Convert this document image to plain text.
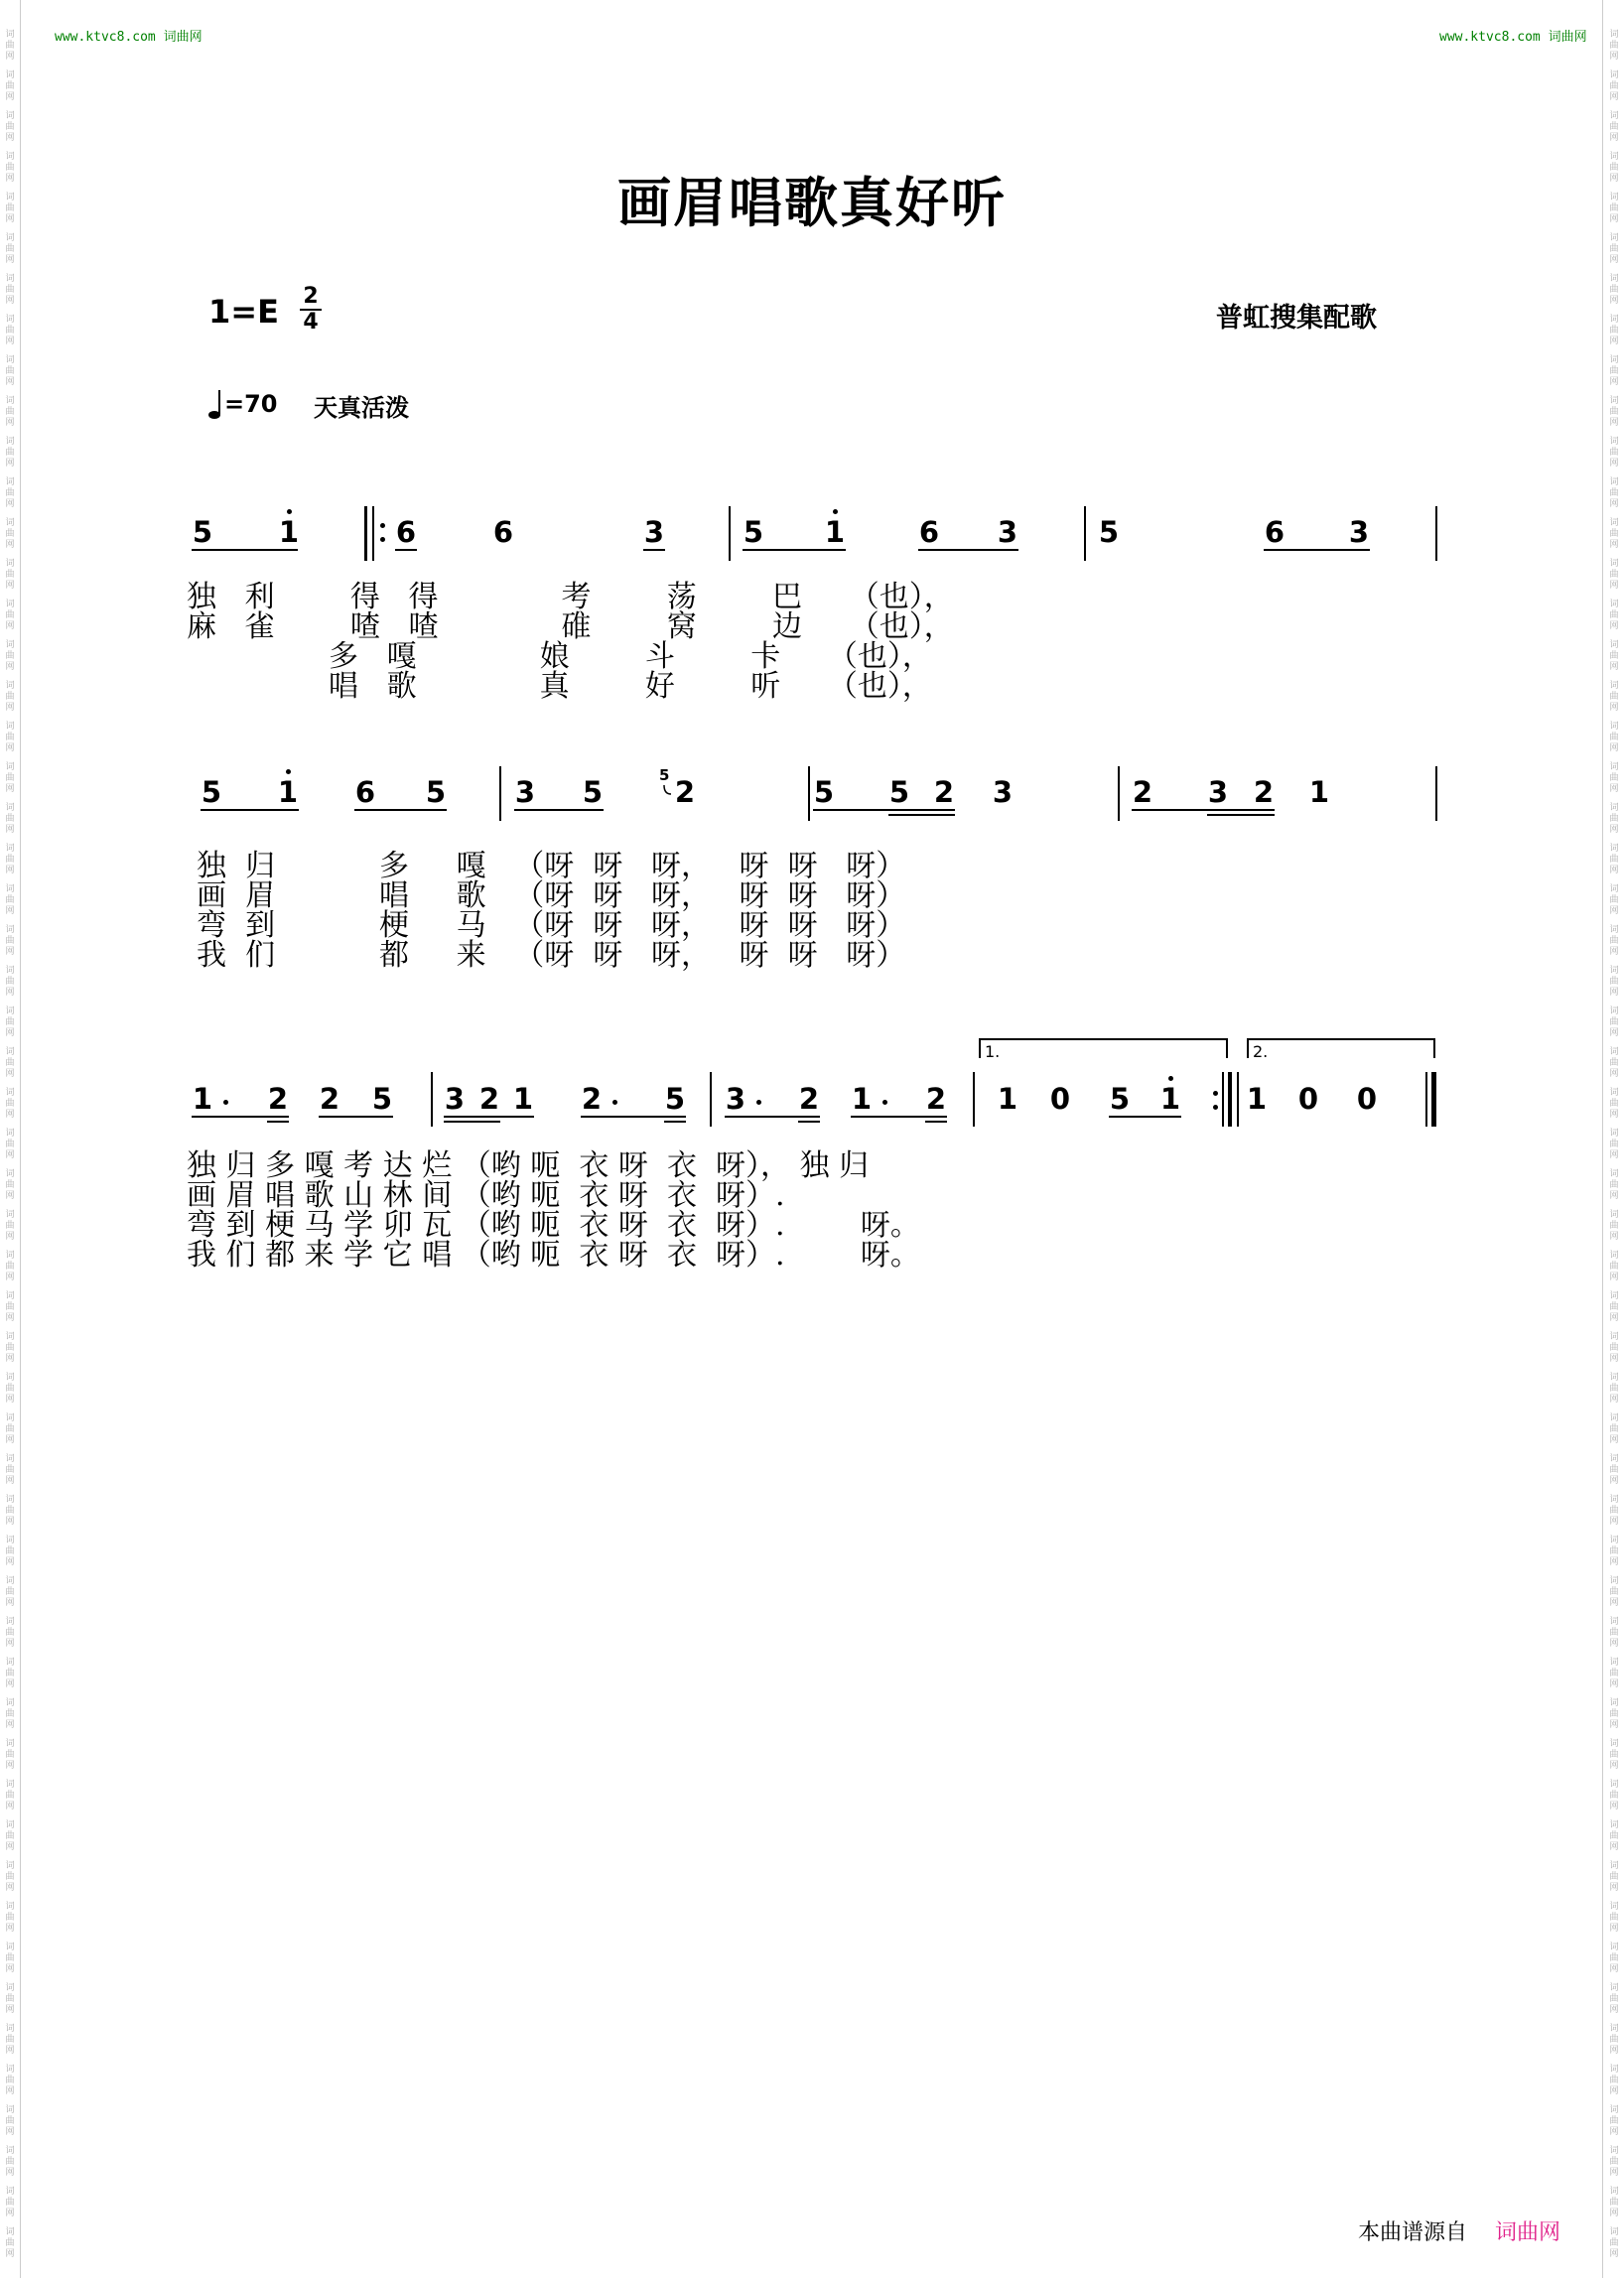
词
曲
网
词
曲
网
词
曲
网
词
曲
网
词
曲
网
词
曲
网
词
曲
网
词
曲
网
词
曲
网
词
曲
网
词
曲
网
词
曲
网
词
曲
网
词
曲
网
词
曲
网
词
曲
网
词
曲
网
词
曲
网
词
曲
网
词
曲
网
词
曲
网
词
曲
网
词
曲
网
词
曲
网
词
曲
网
词
曲
网
词
曲
网
词
曲
网
词
曲
网
词
曲
网
词
曲
网
词
曲
网
词
曲
网
词
曲
网
词
曲
网
词
曲
网
词
曲
网
词
曲
网
词
曲
网
词
曲
网
词
曲
网
词
曲
网
词
曲
网
词
曲
网
词
曲
网
词
曲
网
词
曲
网
词
曲
网
词
曲
网
词
曲
网
词
曲
网
词
曲
网
词
曲
网
词
曲
网
词
曲
网
词
曲
网
词
曲
网
词
曲
网
词
曲
网
词
曲
网
词
曲
网
词
曲
网
词
曲
网
词
曲
网
词
曲
网
词
曲
网
词
曲
网
词
曲
网
词
曲
网
词
曲
网
词
曲
网
词
曲
网
词
曲
网
词
曲
网
词
曲
网
词
曲
网
词
曲
网
词
曲
网
词
曲
网
词
曲
网
词
曲
网
词
曲
网
词
曲
网
词
曲
网
词
曲
网
词
曲
网
词
曲
网
词
曲
网
词
曲
网
词
曲
网
词
曲
网
词
曲
网
词
曲
网
词
曲
网
词
曲
网
词
曲
网
词
曲
网
词
曲
网
词
曲
网
词
曲
网
词
曲
网
词
曲
网
词
曲
网
词
曲
网
词
曲
网
词
曲
网
词
曲
网
词
曲
网
词
曲
网
词
曲
网
www.ktvc8.com 词曲网	www.ktvc8.com 词曲网
画眉唱歌真好听
1=E 2
4	普虹搜集配歌
=70 天真活泼
5 1	6	6	3	5 1	6 3	5	6 3
独   利        得   得             考        荡        巴     （也），
麻   雀        喳   喳             碓        窝        边     （也），
多   嘎             娘        斗        卡     （也），
唱   歌             真        好        听     （也），
5 1 6 5 3 5	5 2	5 5 2 3	2 3 2 1
独  归           多     嘎   （呀  呀   呀，   呀  呀   呀）
画  眉           唱     歌   （呀  呀   呀，   呀  呀   呀）
弯  到           梗     马   （呀  呀   呀，   呀  呀   呀）
我  们           都     来   （呀  呀   呀，   呀  呀   呀）
1.	2.
1 2 2 5 3 2 1 2 5 3 2 1 2 1 0 5 1 1 0 0
独 归 多 嘎 考 达 烂 （哟 呃  衣 呀  衣  呀）， 独 归
画 眉 唱 歌 山 林 间 （哟 呃  衣 呀  衣  呀）.
弯 到 梗 马 学 卯 瓦 （哟 呃  衣 呀  衣  呀）.        呀。
我 们 都 来 学 它 唱 （哟 呃  衣 呀  衣  呀）.        呀。
本曲谱源自 词曲网
